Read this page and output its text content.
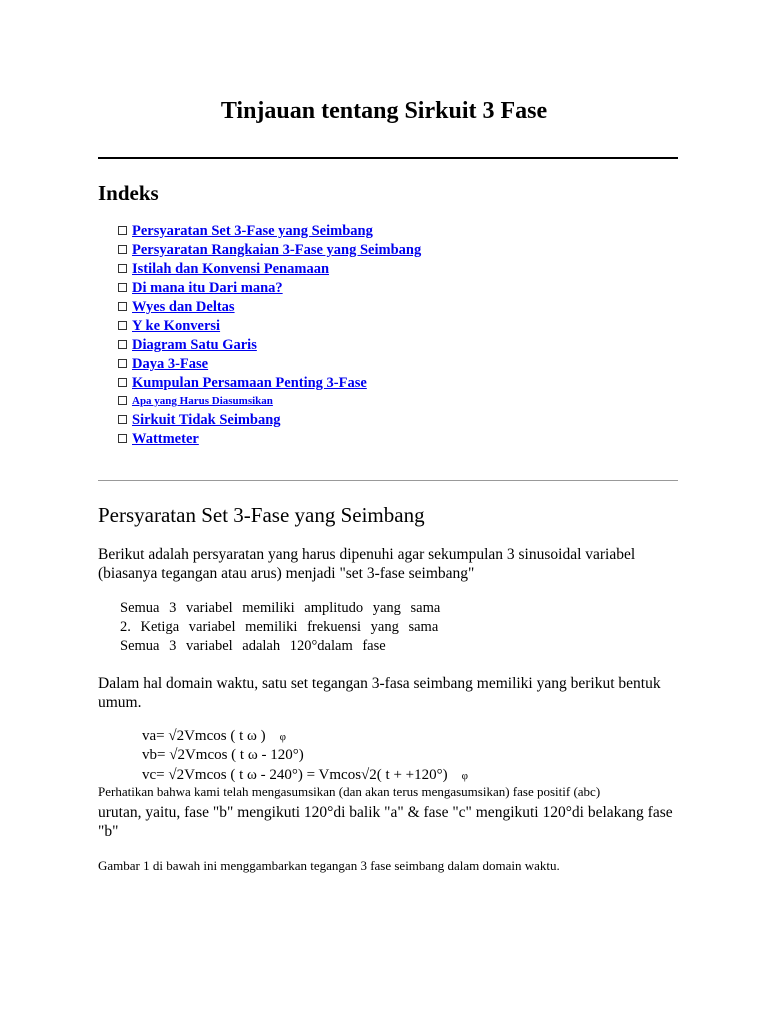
Tinjauan tentang Sirkuit 3 Fase
Indeks
Persyaratan Set 3-Fase yang Seimbang
Persyaratan Rangkaian 3-Fase yang Seimbang
Istilah dan Konvensi Penamaan
Di mana itu Dari mana?
Wyes dan Deltas
Y ke Konversi
Diagram Satu Garis
Daya 3-Fase
Kumpulan Persamaan Penting 3-Fase
Apa yang Harus Diasumsikan
Sirkuit Tidak Seimbang
Wattmeter
Persyaratan Set 3-Fase yang Seimbang
Berikut adalah persyaratan yang harus dipenuhi agar sekumpulan 3 sinusoidal variabel (biasanya tegangan atau arus) menjadi "set 3-fase seimbang"
Semua 3 variabel memiliki amplitudo yang sama
2. Ketiga variabel memiliki frekuensi yang sama
Semua 3 variabel adalah 120°dalam fase
Dalam hal domain waktu, satu set tegangan 3-fasa seimbang memiliki yang berikut bentuk umum.
va= √2Vmcos ( t ω ) φ
vb= √2Vmcos ( t ω - 120°)
vc= √2Vmcos ( t ω - 240°) = Vmcos√2( t + +120°) φ
Perhatikan bahwa kami telah mengasumsikan (dan akan terus mengasumsikan) fase positif (abc)
urutan, yaitu, fase "b" mengikuti 120°di balik "a" & fase "c" mengikuti 120°di belakang fase "b"
Gambar 1 di bawah ini menggambarkan tegangan 3 fase seimbang dalam domain waktu.
